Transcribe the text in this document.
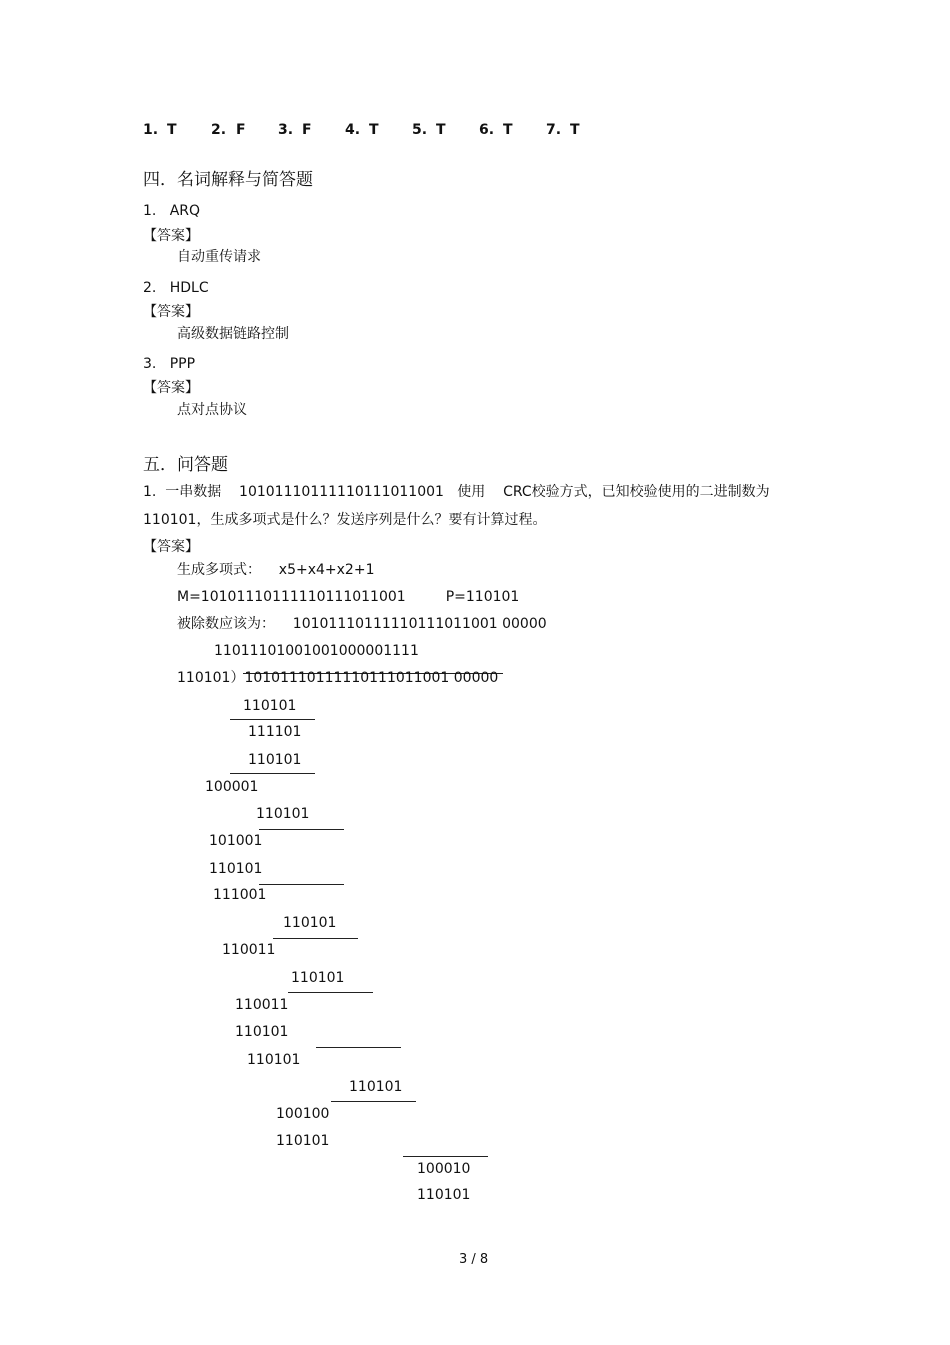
1. T 2. F 3. F 4. T 5. T 6. T 7. T
四．名词解释与简答题
1.   ARQ
【答案】
自动重传请求
2.   HDLC
【答案】
高级数据链路控制
3.   PPP
【答案】
点对点协议
五．问答题
1.  一串数据    10101110111110111011001   使用    CRC校验方式，已知校验使用的二进制数为
110101，生成多项式是什么？发送序列是什么？要有计算过程。
【答案】
生成多项式：    x5+x4+x2+1
M=10101110111110111011001         P=110101
被除数应该为：    10101110111110111011001 00000
11011101001001000001111
110101）10101110111110111011001 00000
110101
111101
110101
100001
110101
101001
110101
111001
110101
110011
110101
110011
110101
110101
110101
100100
110101
100010
110101
3 / 8
